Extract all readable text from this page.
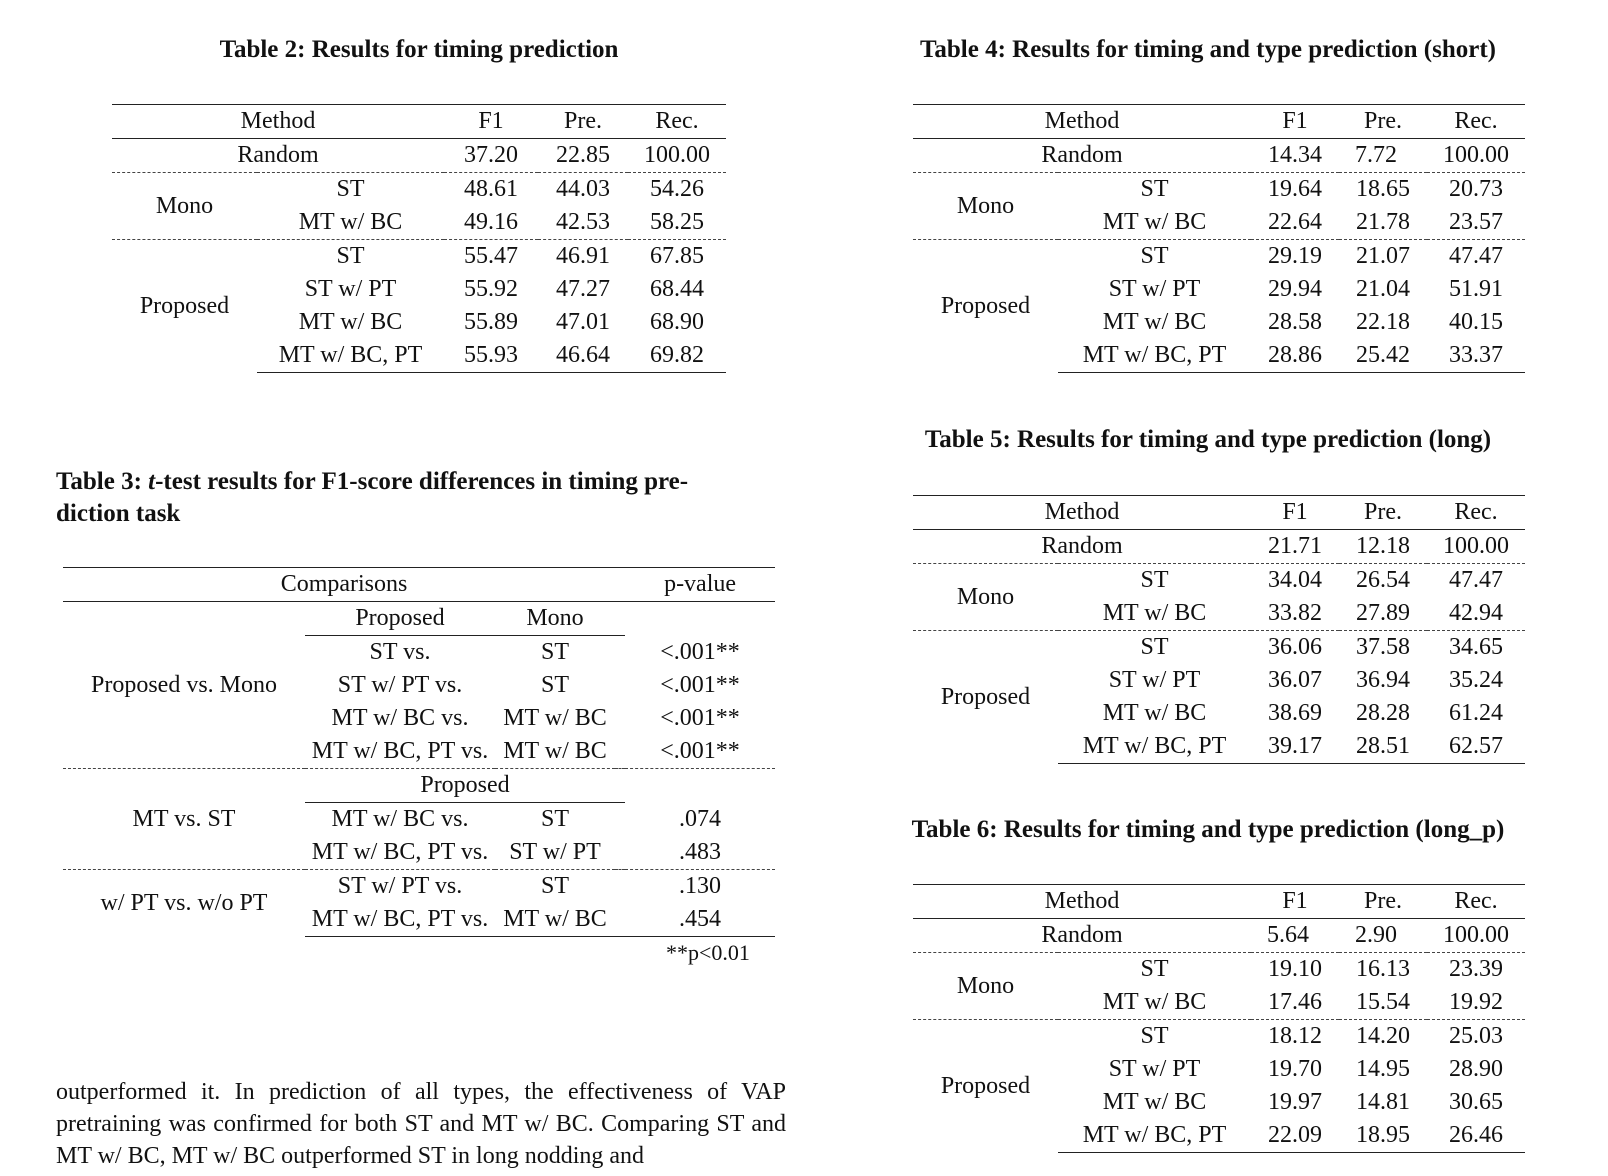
Table 2: Results for timing prediction
Method		F1	Pre.	Rec.
Random		37.20	22.85	100.00
Mono	ST	48.61	44.03	54.26
	MT w/ BC	49.16	42.53	58.25
Proposed	ST	55.47	46.91	67.85
	ST w/ PT	55.92	47.27	68.44
	MT w/ BC	55.89	47.01	68.90
	MT w/ BC, PT	55.93	46.64	69.82
Table 3: t-test results for F1-score differences in timing pre-
diction task
Comparisons				p-value
Proposed vs. Mono	Proposed	Mono		
	ST vs.	ST		<.001**
	ST w/ PT vs.	ST		<.001**
	MT w/ BC vs.	MT w/ BC		<.001**
	MT w/ BC, PT vs.	MT w/ BC		<.001**
MT vs. ST	Proposed			
	MT w/ BC vs.	ST		.074
	MT w/ BC, PT vs.	ST w/ PT		.483
w/ PT vs. w/o PT	ST w/ PT vs.	ST		.130
	MT w/ BC, PT vs.	MT w/ BC		.454
**p<0.01
Table 4: Results for timing and type prediction (short)
Method		F1	Pre.	Rec.
Random		14.34	7.72	100.00
Mono	ST	19.64	18.65	20.73
	MT w/ BC	22.64	21.78	23.57
Proposed	ST	29.19	21.07	47.47
	ST w/ PT	29.94	21.04	51.91
	MT w/ BC	28.58	22.18	40.15
	MT w/ BC, PT	28.86	25.42	33.37
Table 5: Results for timing and type prediction (long)
Method		F1	Pre.	Rec.
Random		21.71	12.18	100.00
Mono	ST	34.04	26.54	47.47
	MT w/ BC	33.82	27.89	42.94
Proposed	ST	36.06	37.58	34.65
	ST w/ PT	36.07	36.94	35.24
	MT w/ BC	38.69	28.28	61.24
	MT w/ BC, PT	39.17	28.51	62.57
Table 6: Results for timing and type prediction (long_p)
Method		F1	Pre.	Rec.
Random		5.64	2.90	100.00
Mono	ST	19.10	16.13	23.39
	MT w/ BC	17.46	15.54	19.92
Proposed	ST	18.12	14.20	25.03
	ST w/ PT	19.70	14.95	28.90
	MT w/ BC	19.97	14.81	30.65
	MT w/ BC, PT	22.09	18.95	26.46
outperformed it. In prediction of all types, the effectiveness of VAP pretraining was confirmed for both ST and MT w/ BC. Comparing ST and MT w/ BC, MT w/ BC outperformed ST in long nodding and
